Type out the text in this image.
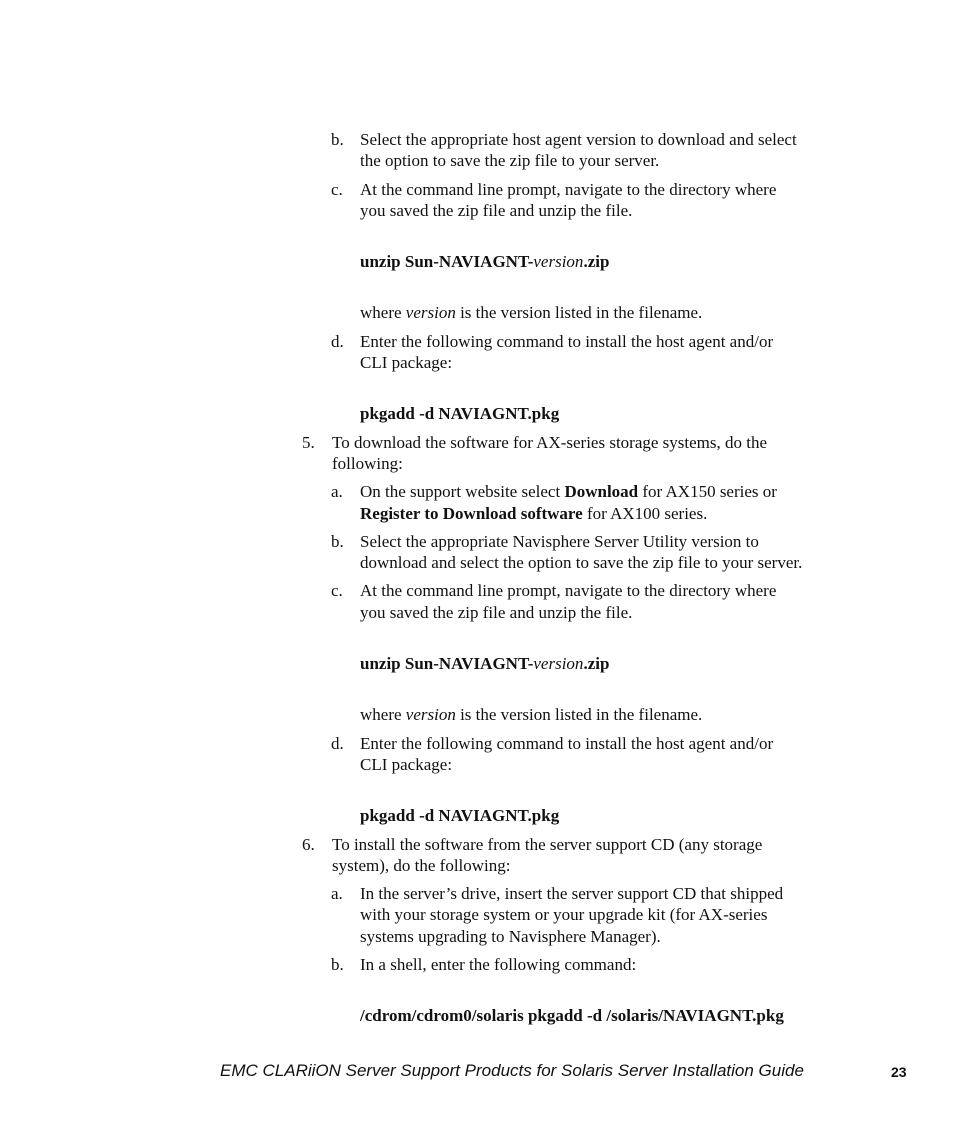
b. Select the appropriate host agent version to download and select
the option to save the zip file to your server.
c. At the command line prompt, navigate to the directory where
you saved the zip file and unzip the file.
unzip Sun-NAVIAGNT-version.zip
where version is the version listed in the filename.
d. Enter the following command to install the host agent and/or
CLI package:
pkgadd -d NAVIAGNT.pkg
5. To download the software for AX-series storage systems, do the
following:
a. On the support website select Download for AX150 series or
Register to Download software for AX100 series.
b. Select the appropriate Navisphere Server Utility version to
download and select the option to save the zip file to your server.
c. At the command line prompt, navigate to the directory where
you saved the zip file and unzip the file.
unzip Sun-NAVIAGNT-version.zip
where version is the version listed in the filename.
d. Enter the following command to install the host agent and/or
CLI package:
pkgadd -d NAVIAGNT.pkg
6. To install the software from the server support CD (any storage
system), do the following:
a. In the server’s drive, insert the server support CD that shipped
with your storage system or your upgrade kit (for AX-series
systems upgrading to Navisphere Manager).
b. In a shell, enter the following command:
/cdrom/cdrom0/solaris pkgadd -d /solaris/NAVIAGNT.pkg
EMC CLARiiON Server Support Products for Solaris Server Installation Guide	23
